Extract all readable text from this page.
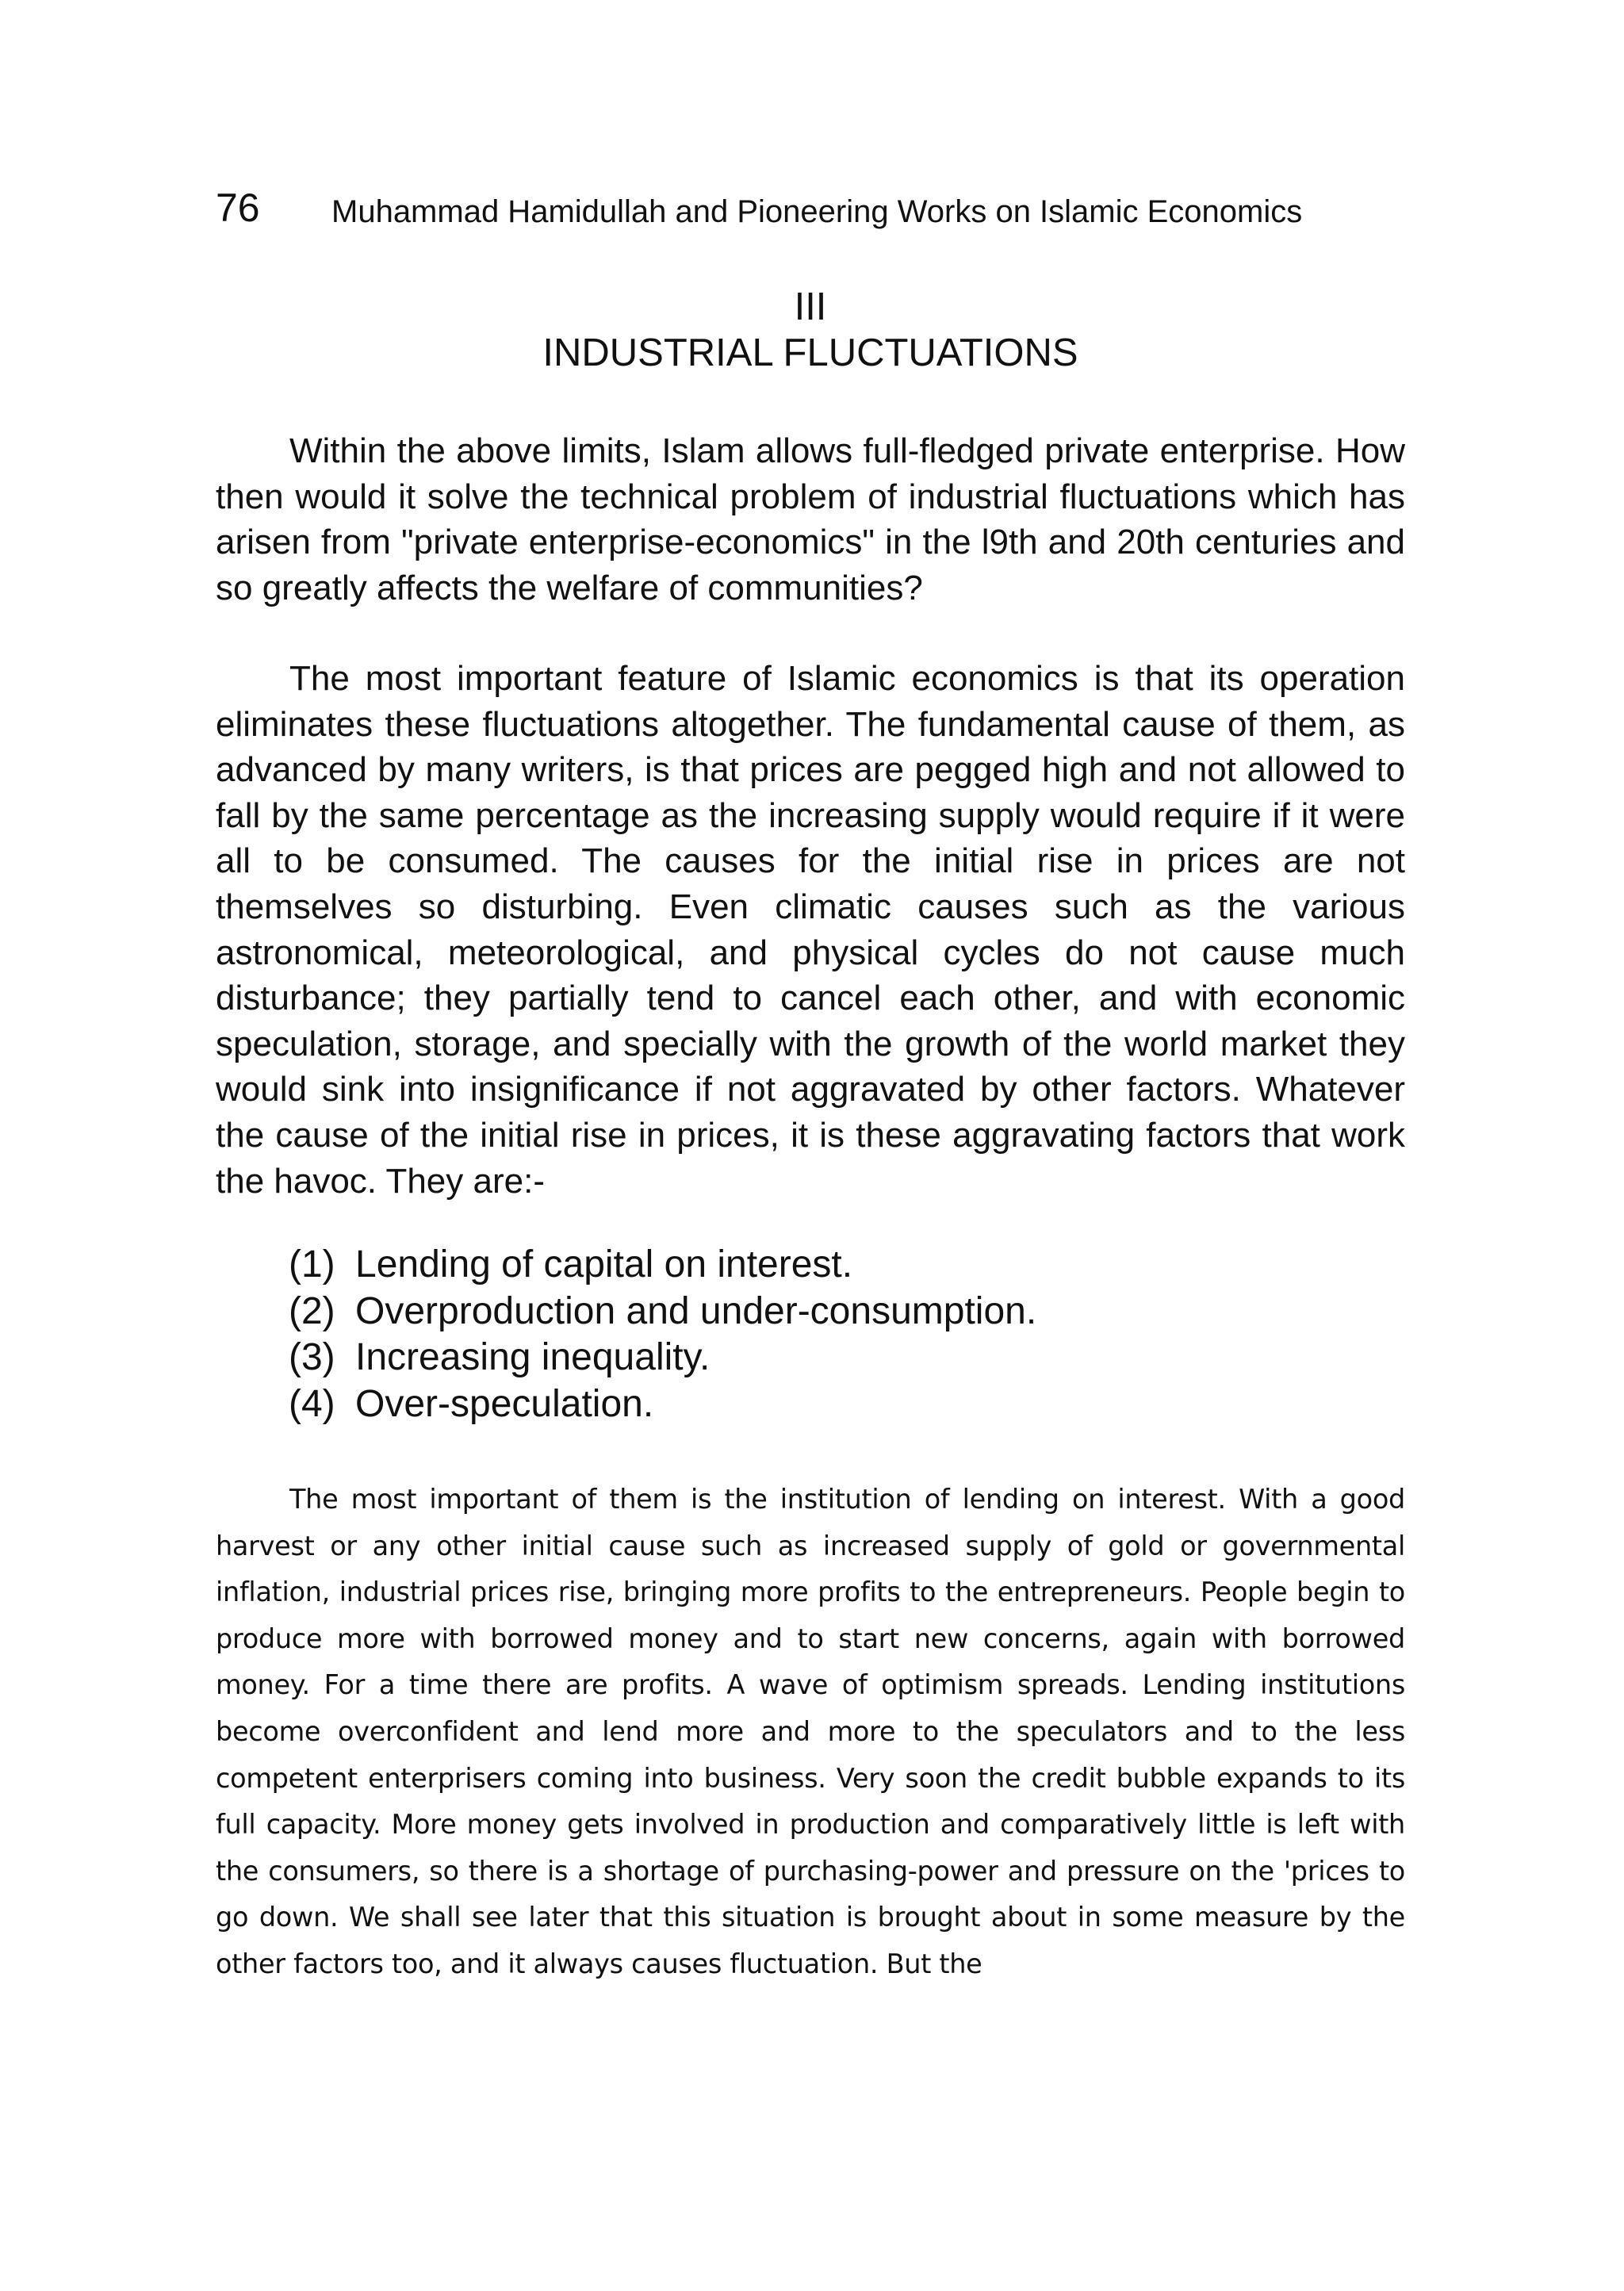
76 Muhammad Hamidullah and Pioneering Works on Islamic Economics
III
INDUSTRIAL FLUCTUATIONS

Within the above limits, Islam allows full-fledged private enterprise. How then would it solve the technical problem of industrial fluctuations which has arisen from "private enterprise-economics" in the l9th and 20th centuries and so greatly affects the welfare of communities?

The most important feature of Islamic economics is that its operation eliminates these fluctuations altogether. The fundamental cause of them, as advanced by many writers, is that prices are pegged high and not allowed to fall by the same percentage as the increasing supply would require if it were all to be consumed. The causes for the initial rise in prices are not themselves so disturbing. Even climatic causes such as the various astronomical, meteorological, and physical cycles do not cause much disturbance; they partially tend to cancel each other, and with economic speculation, storage, and specially with the growth of the world market they would sink into insignificance if not aggravated by other factors. Whatever the cause of the initial rise in prices, it is these aggravating factors that work the havoc. They are:-

(1) Lending of capital on interest.
(2) Overproduction and under-consumption.
(3) Increasing inequality.
(4) Over-speculation.

The most important of them is the institution of lending on interest. With a good harvest or any other initial cause such as increased supply of gold or governmental inflation, industrial prices rise, bringing more profits to the entrepreneurs. People begin to produce more with borrowed money and to start new concerns, again with borrowed money. For a time there are profits. A wave of optimism spreads. Lending institutions become overconfident and lend more and more to the speculators and to the less competent enterprisers coming into business. Very soon the credit bubble expands to its full capacity. More money gets involved in production and comparatively little is left with the consumers, so there is a shortage of purchasing-power and pressure on the 'prices to go down. We shall see later that this situation is brought about in some measure by the other factors too, and it always causes fluctuation. But the
